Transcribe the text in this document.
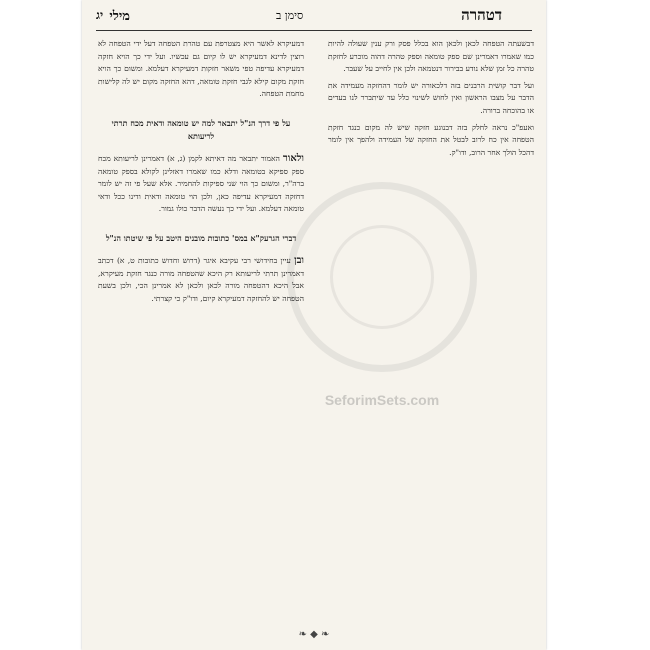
דטהרה
סימן ב
יג מילי
SeforimSets.com

דבשעתה הטפחה לכאן ולכאן הוא בכלל פסק ורק ענין שעולה להיות כמו שאמרו דאמרינן שם ספק טומאה וספק טהרה דהוה מוכרע לחזקת טהרה כל זמן שלא נודע בבירור דנטמאה ולכן אין לחייב על שעבר.

ועל דבר קושית הרבנים בזה דלכאורה יש לומר דהחזקה מעמידה את הדבר על מצבו הראשון ואין לחוש לשינוי כלל עד שיתברר לנו בעדים או בהוכחה ברורה.

ואעפ"כ נראה לחלק בזה דבנוגע חזקה שיש לה מקום כנגד חזקת הטפחה אין כח לרוב לבטל את החזקה של העמידה ולהפך אין לומר דהכל הולך אחר הרוב, ודו"ק.

דמעיקרא לאשר היא מצטרפת עם טהרת הטפחה דעל ידי הטפחה לא רוצין לדינא דמעיקרא יש לו קיום גם עכשיו. ועל ידי כך הויא חזקה דמעיקרא עדיפה טפי משאר חזקות דמעיקרא דעלמא. ומשום כך הויא חזקת מקום קילא לגבי חזקת טומאה, דהא החזקה מקום יש לה קלישות מחמת הטפחה.

על פי דרך הנ"ל יתבאר למה יש טומאה ודאית מכח תרתי לריעותא

ולאור האמור יתבאר מה דאיתא לקמן (ג, א) דאמרינן לריעותא מכח ספק ספיקא בטומאה ודלא כמו שאמרו דאזלינן לקולא בספק טומאה ברה"ר, ומשום כך הוי שני ספיקות להחמיר. אלא שעל פי זה יש לומר דחזקה דמעיקרא עדיפה כאן, ולכן הוי טומאה ודאית ודינו ככל ודאי טומאה דעלמא. ועל ידי כך נעשה הדבר כולו גמור.

דברי הגרעק"א במס' כתובות מובנים היטב על פי שיטתו הנ"ל

ובן עיין בחידושי רבי עקיבא איגר (דרוש וחדוש כתובות ט, א) דכתב דאמרינן תרתי לריעותא רק היכא שהטפחה מורה כנגד חזקת מעיקרא, אבל היכא דהטפחה מורה לכאן ולכאן לא אמרינן הכי, ולכן בשעת הטפחה יש להחזקה דמעיקרא קיום, ודו"ק כי קצרתי.

❧ ◆ ❧
